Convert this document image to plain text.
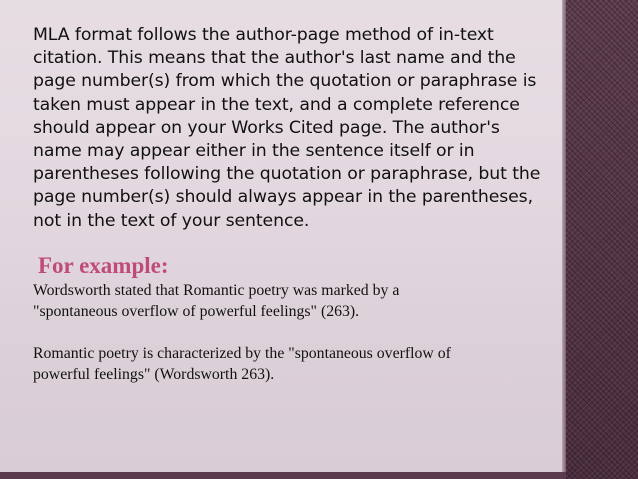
MLA format follows the author-page method of in-text citation. This means that the author's last name and the page number(s) from which the quotation or paraphrase is taken must appear in the text, and a complete reference should appear on your Works Cited page. The author's name may appear either in the sentence itself or in parentheses following the quotation or paraphrase, but the page number(s) should always appear in the parentheses, not in the text of your sentence.

For example:

Wordsworth stated that Romantic poetry was marked by a
"spontaneous overflow of powerful feelings" (263).

Romantic poetry is characterized by the "spontaneous overflow of
powerful feelings" (Wordsworth 263).
